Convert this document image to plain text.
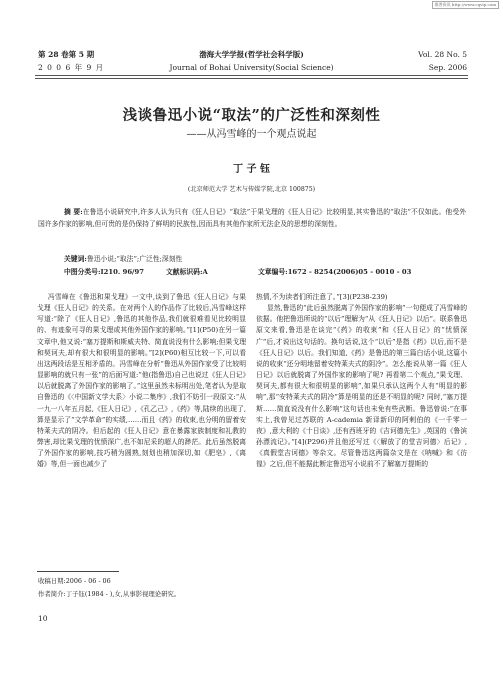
维普资讯 http://www.cqvip.com
第 28 卷第 5 期
2 0 0 6 年 9 月
渤海大学学报(哲学社会科学版)
Journal of Bohai University(Social Science)
Vol. 28 No. 5
Sep. 2006
浅谈鲁迅小说“取法”的广泛性和深刻性
——从冯雪峰的一个观点说起
丁 子 钰
(北京师范大学 艺术与传媒学院,北京 100875)
摘 要:在鲁迅小说研究中,许多人认为只有《狂人日记》“取法”于果戈理的《狂人日记》比较明显,其实鲁迅的“取法”不仅如此。他受外国许多作家的影响,但可贵的是仍保持了鲜明的民族性,因而具有其他作家所无法企及的思想的深刻性。
关键词:鲁迅小说;“取法”;广泛性;深刻性
中图分类号:I210. 96/97	文献标识码:A	文章编号:1672 - 8254(2006)05 - 0010 - 03

冯雪峰在《鲁迅和果戈理》一文中,谈到了鲁迅《狂人日记》与果戈理《狂人日记》的关系。在对两个人的作品作了比较后,冯雪峰这样写道:“除了《狂人日记》,鲁迅的其他作品,我们就很难看见比较明显的、有迹象可寻的果戈理或其他外国作家的影响。”[1](P50)在另一篇文章中,他又说:“塞万提斯和斯威夫特、简直说没有什么影响;但果戈理和契诃夫,却有很大和很明显的影响。”[2](P60)相互比较一下,可以看出这两段话是互相矛盾的。冯雪峰在分析“鲁迅从外国作家受了比较明显影响的就只有一张”的后面写道:“他(指鲁迅)自己也说过《狂人日记》以后就脱离了外国作家的影响了。”这里虽然未标明出处,笔者认为是取自鲁迅的《〈中国新文学大系〉小说二集序》,我们不妨引一段原文:“从一九一八年五月起,《狂人日记》,《孔乙己》,《药》等,陆续的出现了,算是显示了“文学革命”的实绩,……而且《药》的收束,也分明的留着安特莱夫式的阴冷。但后起的《狂人日记》意在暴露家族制度和礼教的弊害,却比果戈理的忧愤深广,也不如尼采的超人的渺茫。此后虽然脱离了外国作家的影响,技巧稍为圆熟,刻划也稍加深切,如《肥皂》,《离婚》等,但一面也减少了

热情,不为读者们所注意了。”[3](P238-239)

显然,鲁迅的“此后虽然脱离了外国作家的影响”一句便成了冯雪峰的依据。他把鲁迅所说的“以后”理解为“从《狂人日记》以后”。联系鲁迅原文来看,鲁迅是在谈完“《药》的收束”和《狂人日记》的“忧愤深广”后,才说出这句话的。换句话说,这个“以后”是指《药》以后,而不是《狂人日记》以后。我们知道,《药》是鲁迅的第三篇白话小说,这篇小说的收束“还分明地留着安特莱夫式的阴冷”。怎么能说从第一篇《狂人日记》以后就脱离了外国作家的影响了呢? 再看第二个观点,“果戈理、契诃夫,都有很大和很明显的影响”,如果只承认这两个人有“明显的影响”,那“安特莱夫式的阴冷”算是明显的还是不明显的呢? 同时,“塞万提斯……简直说没有什么影响”这句话也未免有些武断。鲁迅曾说:“在事实上,我曾见过苏联的 A-cademia 新译新印的阿剌伯的《一千零一夜》,意大利的《十日谈》,还有西班牙的《吉诃德先生》,英国的《鲁滨孙漂流记》。”[4](P296)并且他还写过《〈解放了的堂吉诃德〉后记》,《真假堂吉诃德》等杂文。尽管鲁迅这两篇杂文是在《呐喊》和《彷徨》之后,但不能据此断定鲁迅写小说前不了解塞万提斯的

收稿日期:2006 - 06 - 06
作者简介:丁子钰(1984 - ),女,从事影视理论研究。
10
